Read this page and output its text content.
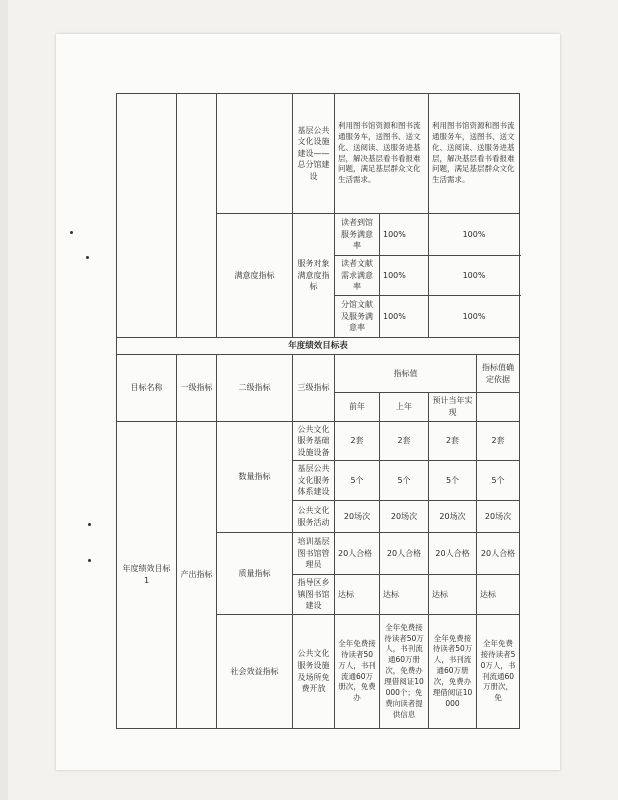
			基层公共文化设施建设——总分馆建设	利用图书馆资源和图书流通服务车，送图书、送文化、送阅读、送服务进基层，解决基层看书看报难问题，满足基层群众文化生活需求。		利用图书馆资源和图书流通服务车，送图书、送文化、送阅读、送服务进基层，解决基层看书看报难问题，满足基层群众文化生活需求。	
		满意度指标	服务对象满意度指标	读者到馆服务满意率	100%	100%	
				读者文献需求满意率	100%	100%	
				分馆文献及服务满意率	100%	100%	
年度绩效目标表							
目标名称	一级指标	二级指标	三级指标	指标值			指标值确定依据
				前年	上年	预计当年实现	
年度绩效目标1	产出指标	数量指标	公共文化服务基础设施设备	2套	2套	2套	2套
			基层公共文化服务体系建设	5个	5个	5个	5个
			公共文化服务活动	20场次	20场次	20场次	20场次
		质量指标	培训基层图书馆管理员	20人合格	20人合格	20人合格	20人合格
			指导区乡镇图书馆建设	达标	达标	达标	达标
		社会效益指标	公共文化服务设施及场所免费开放	全年免费接待读者50万人，书刊流通60万册次，免费办	全年免费接待读者50万人，书刊流通60万册次，免费办理借阅证10000个；免费向读者提供信息	全年免费接待读者50万人，书刊流通60万册次，免费办理借阅证10000	全年免费接待读者50万人，书刊流通60万册次，免
